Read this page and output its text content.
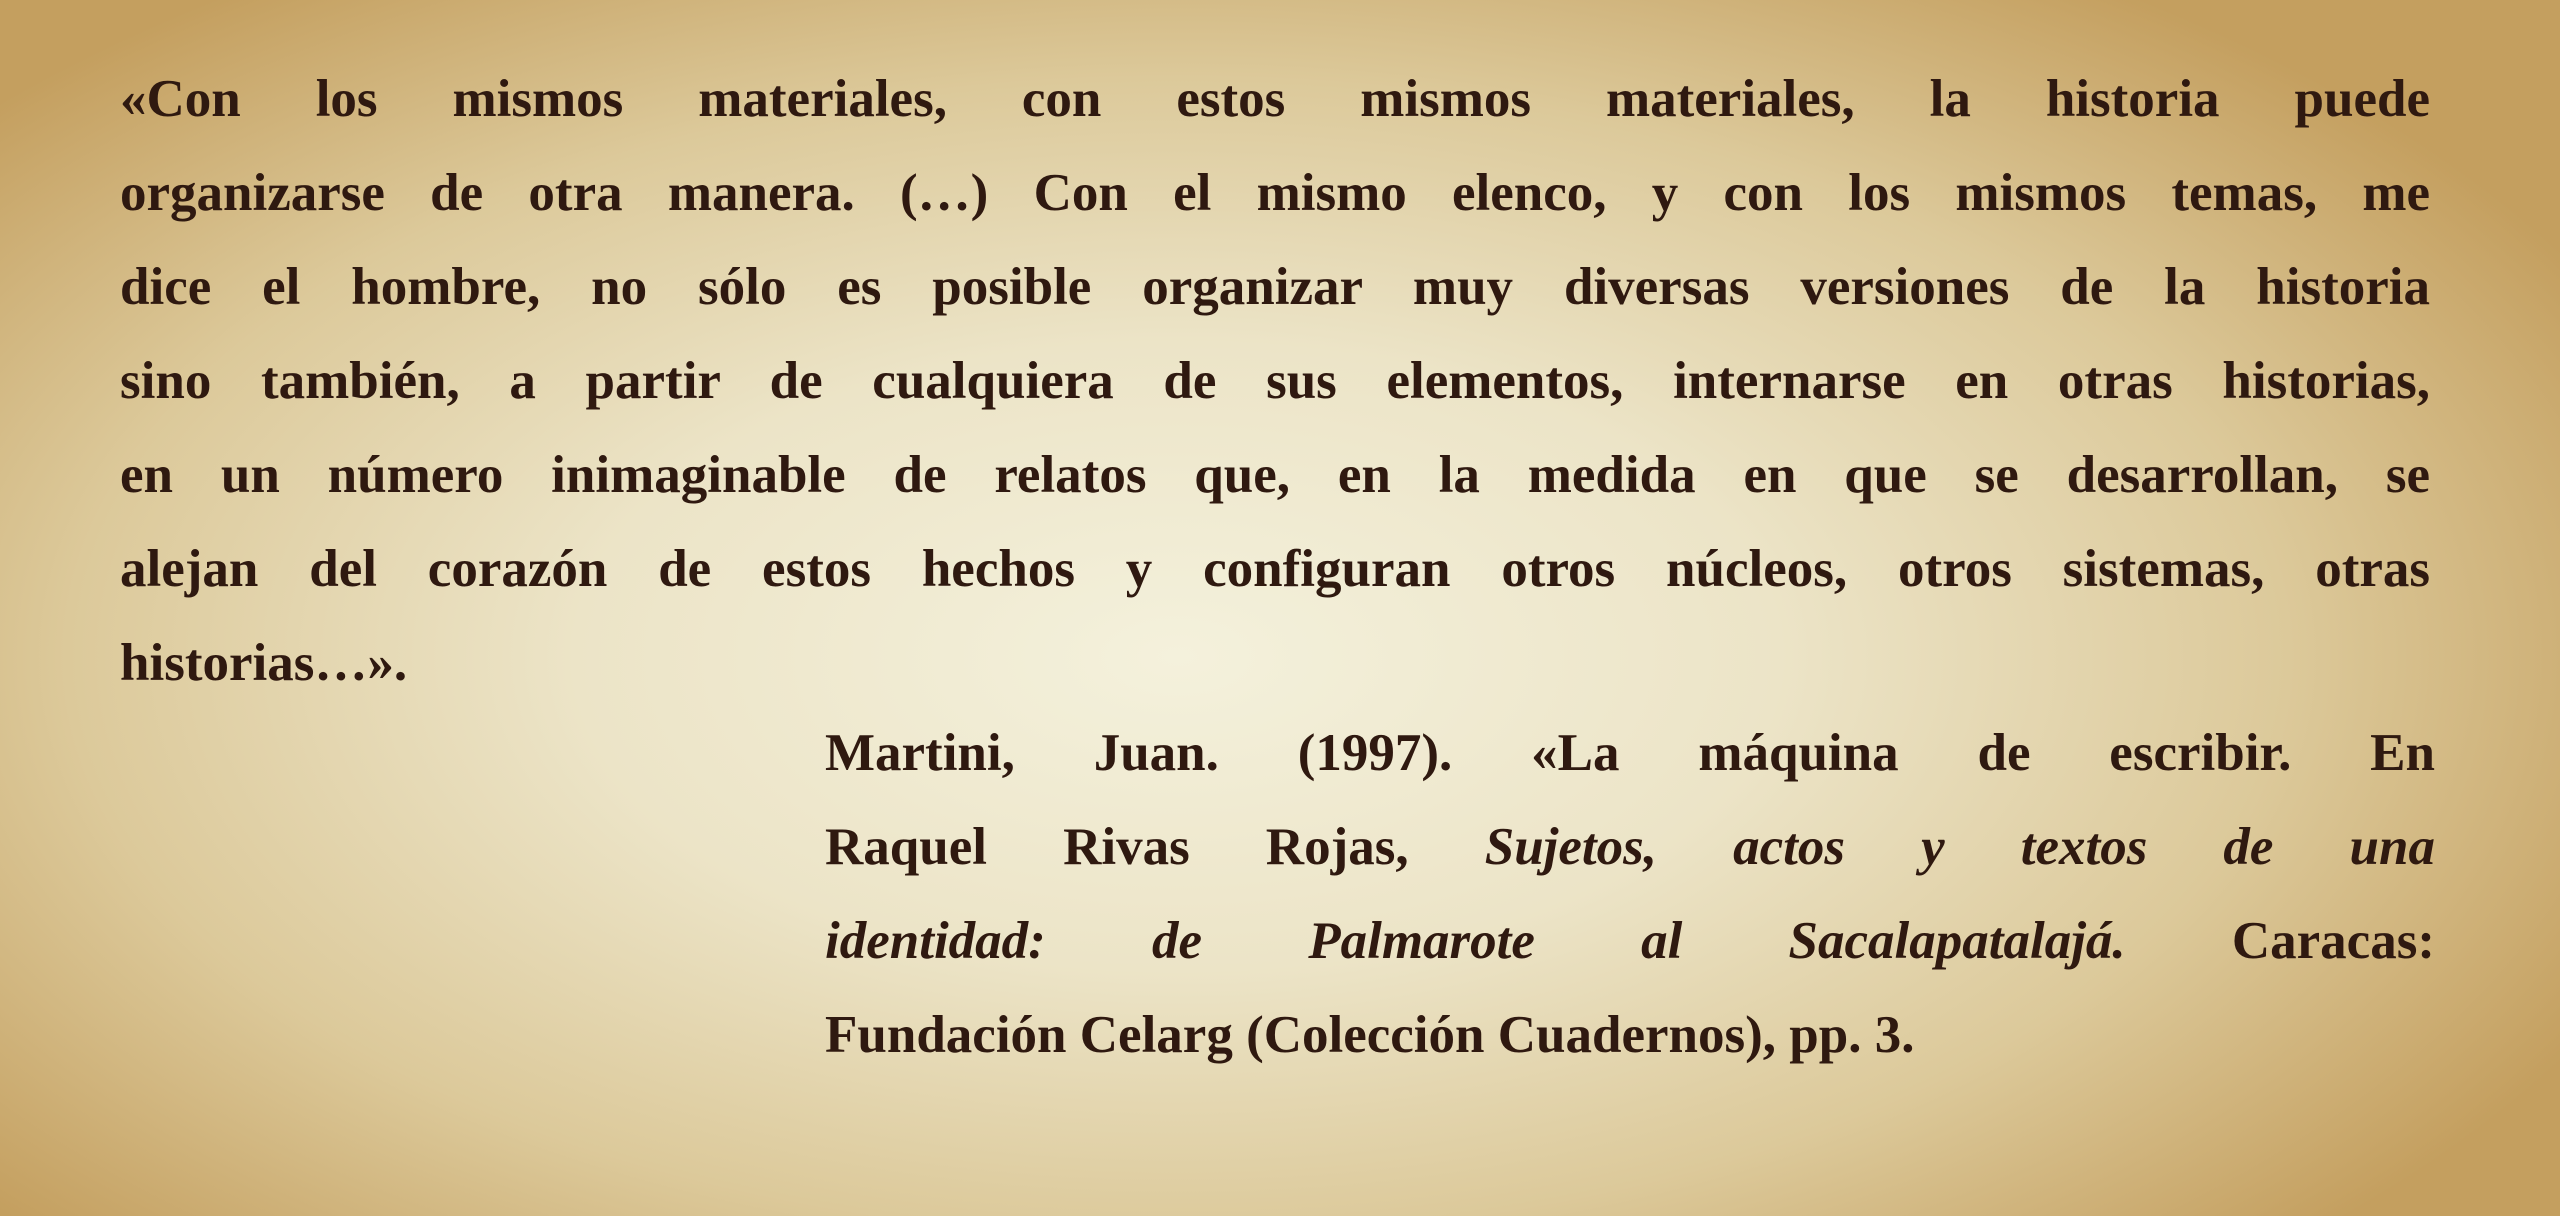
«Con los mismos materiales, con estos mismos materiales, la historia puede
organizarse de otra manera. (…) Con el mismo elenco, y con los mismos temas, me
dice el hombre, no sólo es posible organizar muy diversas versiones de la historia
sino también, a partir de cualquiera de sus elementos, internarse en otras historias,
en un número inimaginable de relatos que, en la medida en que se desarrollan, se
alejan del corazón de estos hechos y configuran otros núcleos, otros sistemas, otras
historias…».
Martini, Juan. (1997). «La máquina de escribir. En
Raquel Rivas Rojas, Sujetos, actos y textos de una
identidad: de Palmarote al Sacalapatalajá. Caracas:
Fundación Celarg (Colección Cuadernos), pp. 3.
